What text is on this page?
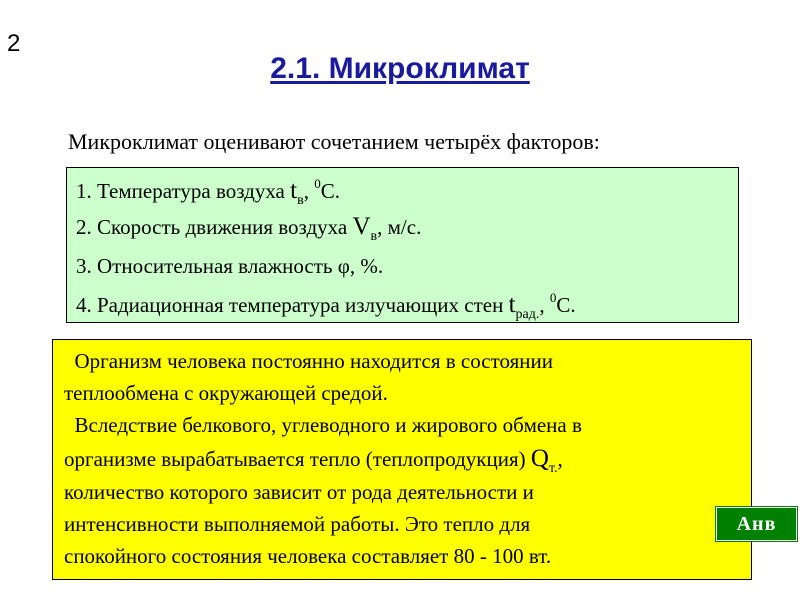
2
2.1. Микроклимат
Микроклимат оценивают сочетанием четырёх факторов:
1. Температура воздуха $t_в$, $^0$С.
2. Скорость движения воздуха $V_в$, м/с.
3. Относительная влажность φ, %.
4. Радиационная температура излучающих стен $t_{рад.}$, $^0$С.
Организм человека постоянно находится в состоянии
теплообмена с окружающей средой.
Вследствие белкового, углеводного и жирового обмена в
организме вырабатывается тепло (теплопродукция) $Q_{т.}$,
количество которого зависит от рода деятельности и
интенсивности выполняемой работы. Это тепло для
спокойного состояния человека составляет 80 - 100 вт.
Анв
